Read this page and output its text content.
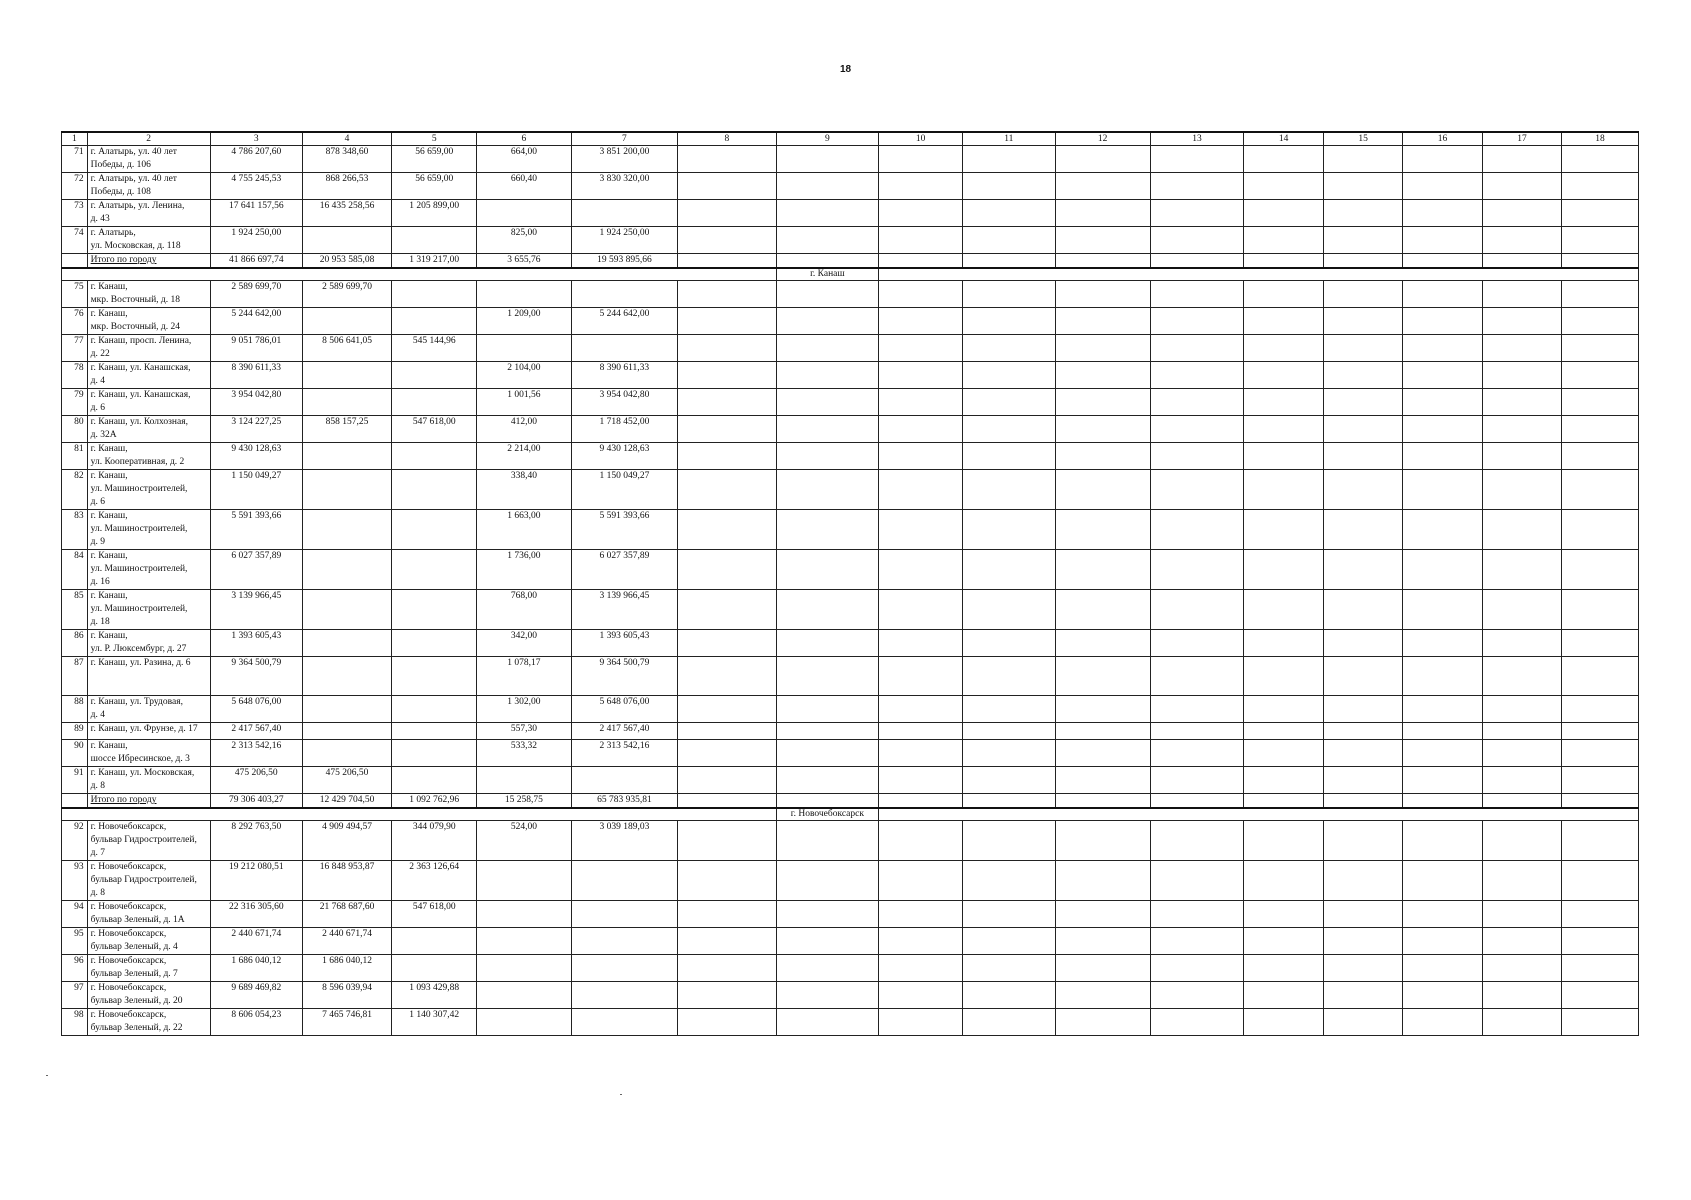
18
1	2	3	4	5	6	7	8	9	10	11	12	13	14	15	16	17	18
71	г. Алатырь, ул. 40 лет
Победы, д. 106	4 786 207,60	878 348,60	56 659,00	664,00	3 851 200,00											
72	г. Алатырь, ул. 40 лет
Победы, д. 108	4 755 245,53	868 266,53	56 659,00	660,40	3 830 320,00											
73	г. Алатырь, ул. Ленина,
д. 43	17 641 157,56	16 435 258,56	1 205 899,00													
74	г. Алатырь,
ул. Московская, д. 118	1 924 250,00			825,00	1 924 250,00											
	Итого по городу	41 866 697,74	20 953 585,08	1 319 217,00	3 655,76	19 593 895,66											
								г. Канаш									
75	г. Канаш,
мкр. Восточный, д. 18	2 589 699,70	2 589 699,70														
76	г. Канаш,
мкр. Восточный, д. 24	5 244 642,00			1 209,00	5 244 642,00											
77	г. Канаш, просп. Ленина,
д. 22	9 051 786,01	8 506 641,05	545 144,96													
78	г. Канаш, ул. Канашская,
д. 4	8 390 611,33			2 104,00	8 390 611,33											
79	г. Канаш, ул. Канашская,
д. 6	3 954 042,80			1 001,56	3 954 042,80											
80	г. Канаш, ул. Колхозная,
д. 32А	3 124 227,25	858 157,25	547 618,00	412,00	1 718 452,00											
81	г. Канаш,
ул. Кооперативная, д. 2	9 430 128,63			2 214,00	9 430 128,63											
82	г. Канаш,
ул. Машиностроителей,
д. 6	1 150 049,27			338,40	1 150 049,27											
83	г. Канаш,
ул. Машиностроителей,
д. 9	5 591 393,66			1 663,00	5 591 393,66											
84	г. Канаш,
ул. Машиностроителей,
д. 16	6 027 357,89			1 736,00	6 027 357,89											
85	г. Канаш,
ул. Машиностроителей,
д. 18	3 139 966,45			768,00	3 139 966,45											
86	г. Канаш,
ул. Р. Люксембург, д. 27	1 393 605,43			342,00	1 393 605,43											
87	г. Канаш, ул. Разина, д. 6	9 364 500,79			1 078,17	9 364 500,79											
88	г. Канаш, ул. Трудовая,
д. 4	5 648 076,00			1 302,00	5 648 076,00											
89	г. Канаш, ул. Фрунзе, д. 17	2 417 567,40			557,30	2 417 567,40											
90	г. Канаш,
шоссе Ибресинское, д. 3	2 313 542,16			533,32	2 313 542,16											
91	г. Канаш, ул. Московская,
д. 8	475 206,50	475 206,50														
	Итого по городу	79 306 403,27	12 429 704,50	1 092 762,96	15 258,75	65 783 935,81											
								г. Новочебоксарск									
92	г. Новочебоксарск,
бульвар Гидростроителей,
д. 7	8 292 763,50	4 909 494,57	344 079,90	524,00	3 039 189,03											
93	г. Новочебоксарск,
бульвар Гидростроителей,
д. 8	19 212 080,51	16 848 953,87	2 363 126,64													
94	г. Новочебоксарск,
бульвар Зеленый, д. 1А	22 316 305,60	21 768 687,60	547 618,00													
95	г. Новочебоксарск,
бульвар Зеленый, д. 4	2 440 671,74	2 440 671,74														
96	г. Новочебоксарск,
бульвар Зеленый, д. 7	1 686 040,12	1 686 040,12														
97	г. Новочебоксарск,
бульвар Зеленый, д. 20	9 689 469,82	8 596 039,94	1 093 429,88													
98	г. Новочебоксарск,
бульвар Зеленый, д. 22	8 606 054,23	7 465 746,81	1 140 307,42													
